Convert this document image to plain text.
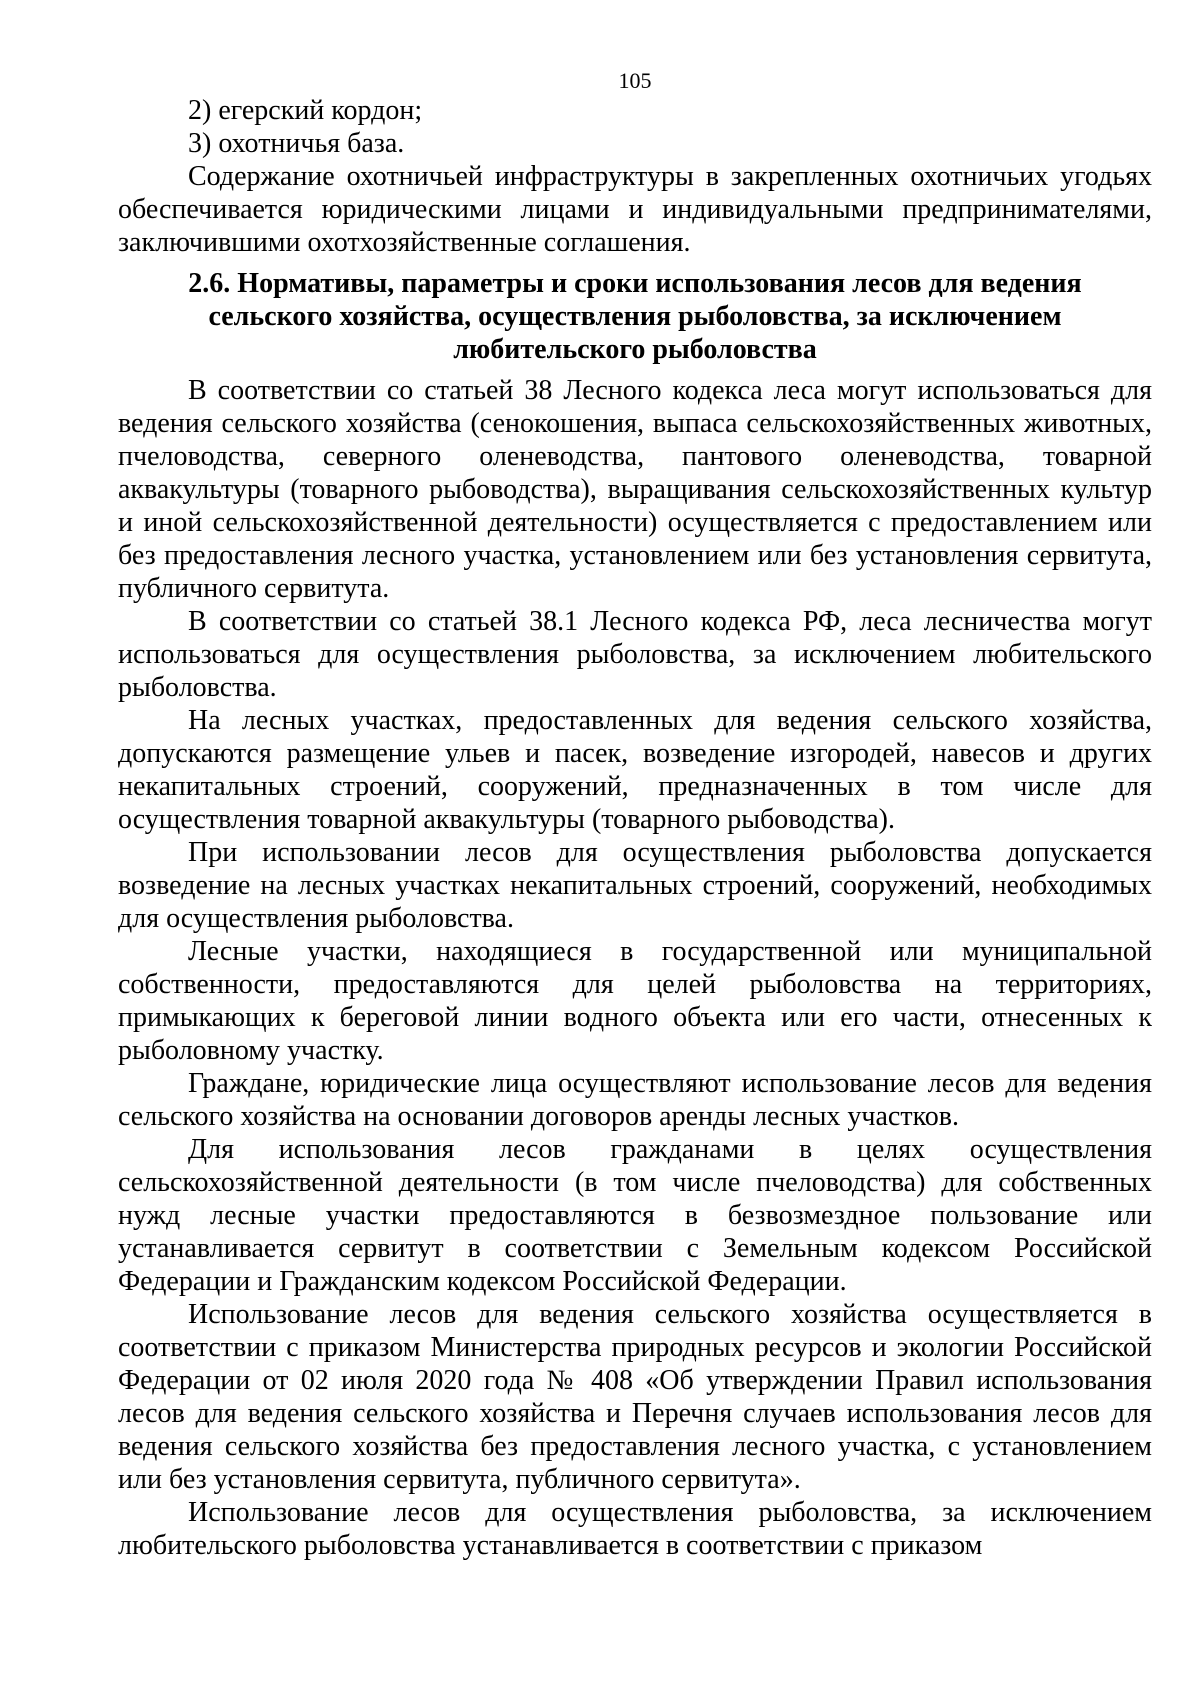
105

2) егерский кордон;

3) охотничья база.

Содержание охотничьей инфраструктуры в закрепленных охотничьих угодьях обеспечивается юридическими лицами и индивидуальными предпринимателями, заключившими охотхозяйственные соглашения.

2.6. Нормативы, параметры и сроки использования лесов для ведения
сельского хозяйства, осуществления рыболовства, за исключением
любительского рыболовства

В соответствии со статьей 38 Лесного кодекса леса могут использоваться для ведения сельского хозяйства (сенокошения, выпаса сельскохозяйственных животных, пчеловодства, северного оленеводства, пантового оленеводства, товарной аквакультуры (товарного рыбоводства), выращивания сельскохозяйственных культур и иной сельскохозяйственной деятельности) осуществляется с предоставлением или без предоставления лесного участка, установлением или без установления сервитута, публичного сервитута.

В соответствии со статьей 38.1 Лесного кодекса РФ, леса лесничества могут использоваться для осуществления рыболовства, за исключением любительского рыболовства.

На лесных участках, предоставленных для ведения сельского хозяйства, допускаются размещение ульев и пасек, возведение изгородей, навесов и других некапитальных строений, сооружений, предназначенных в том числе для осуществления товарной аквакультуры (товарного рыбоводства).

При использовании лесов для осуществления рыболовства допускается возведение на лесных участках некапитальных строений, сооружений, необходимых для осуществления рыболовства.

Лесные участки, находящиеся в государственной или муниципальной собственности, предоставляются для целей рыболовства на территориях, примыкающих к береговой линии водного объекта или его части, отнесенных к рыболовному участку.

Граждане, юридические лица осуществляют использование лесов для ведения сельского хозяйства на основании договоров аренды лесных участков.

Для использования лесов гражданами в целях осуществления сельскохозяйственной деятельности (в том числе пчеловодства) для собственных нужд лесные участки предоставляются в безвозмездное пользование или устанавливается сервитут в соответствии с Земельным кодексом Российской Федерации и Гражданским кодексом Российской Федерации.

Использование лесов для ведения сельского хозяйства осуществляется в соответствии с приказом Министерства природных ресурсов и экологии Российской Федерации от 02 июля 2020 года № 408 «Об утверждении Правил использования лесов для ведения сельского хозяйства и Перечня случаев использования лесов для ведения сельского хозяйства без предоставления лесного участка, с установлением или без установления сервитута, публичного сервитута».

Использование лесов для осуществления рыболовства, за исключением любительского рыболовства устанавливается в соответствии с приказом
